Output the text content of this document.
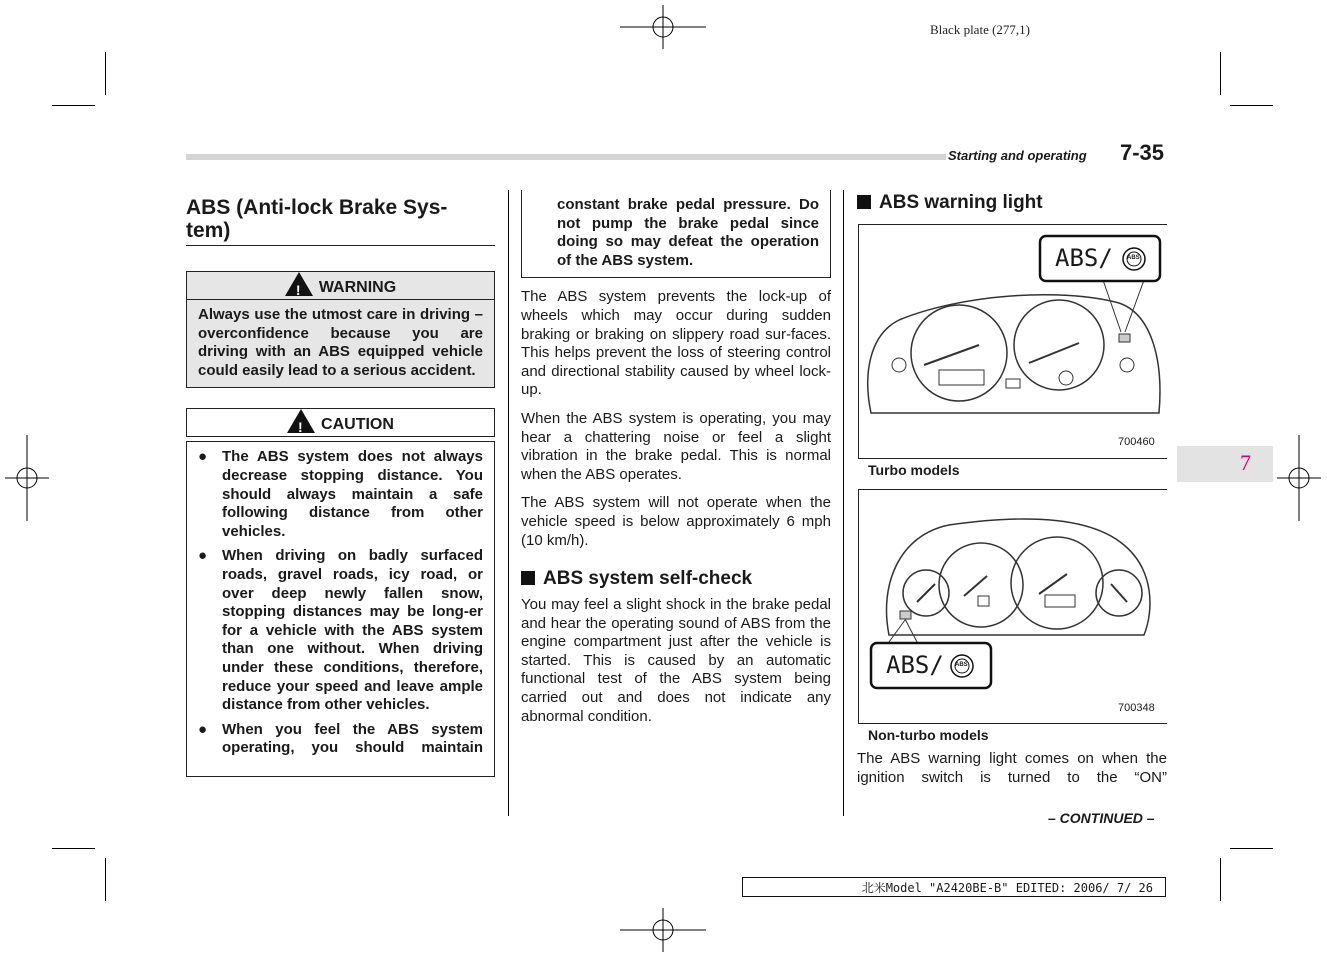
Black plate (277,1)
Starting and operating 7-35
7
ABS (Anti-lock Brake Sys-
tem)
! WARNING
Always use the utmost care in driving – overconfidence because you are driving with an ABS equipped vehicle could easily lead to a serious accident.
! CAUTION
● The ABS system does not always decrease stopping distance. You should always maintain a safe following distance from other vehicles.
● When driving on badly surfaced roads, gravel roads, icy road, or over deep newly fallen snow, stopping distances may be long-er for a vehicle with the ABS system than one without. When driving under these conditions, therefore, reduce your speed and leave ample distance from other vehicles.
● When you feel the ABS system operating, you should maintain
constant brake pedal pressure. Do not pump the brake pedal since doing so may defeat the operation of the ABS system.
The ABS system prevents the lock-up of wheels which may occur during sudden braking or braking on slippery road sur-faces. This helps prevent the loss of steering control and directional stability caused by wheel lock-up.
When the ABS system is operating, you may hear a chattering noise or feel a slight vibration in the brake pedal. This is normal when the ABS operates.
The ABS system will not operate when the vehicle speed is below approximately 6 mph (10 km/h).
ABS system self-check
You may feel a slight shock in the brake pedal and hear the operating sound of ABS from the engine compartment just after the vehicle is started. This is caused by an automatic functional test of the ABS system being carried out and does not indicate any abnormal condition.
ABS warning light
ABS/ ABS
700460
Turbo models
ABS/ ABS
700348
Non-turbo models
The ABS warning light comes on when the ignition switch is turned to the “ON”
– CONTINUED –
北米Model "A2420BE-B" EDITED: 2006/ 7/ 26
